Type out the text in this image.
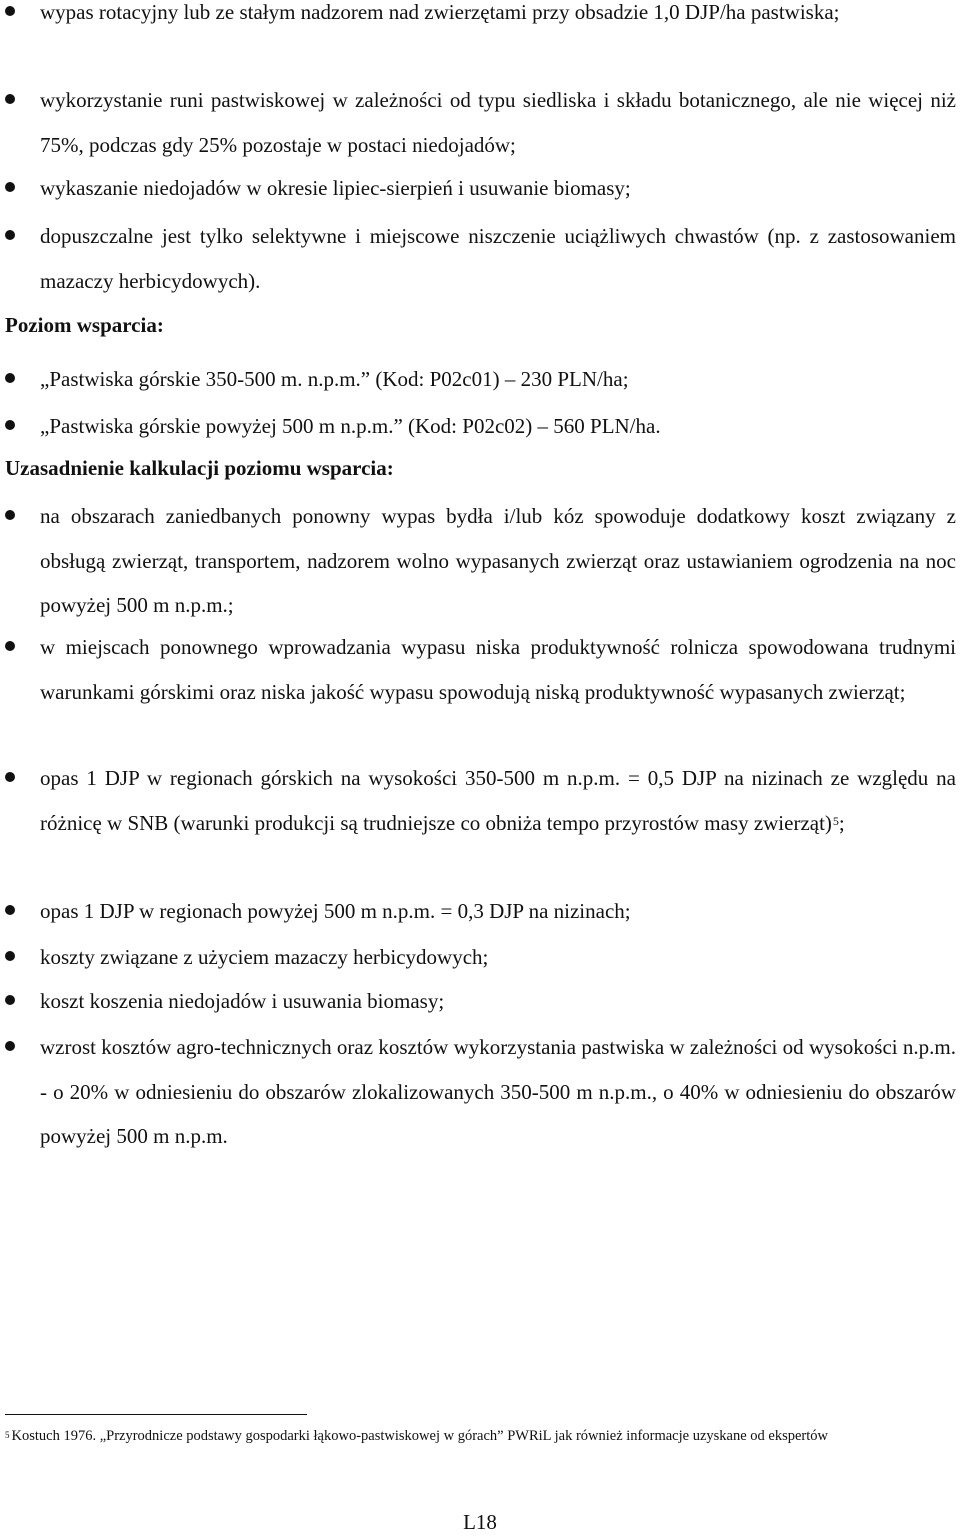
wypas rotacyjny lub ze stałym nadzorem nad zwierzętami przy obsadzie 1,0 DJP/ha pastwiska;
wykorzystanie runi pastwiskowej w zależności od typu siedliska i składu botanicznego, ale nie więcej niż 75%, podczas gdy 25% pozostaje w postaci niedojadów;
wykaszanie niedojadów w okresie lipiec-sierpień i usuwanie biomasy;
dopuszczalne jest tylko selektywne i miejscowe niszczenie uciążliwych chwastów (np. z zastosowaniem mazaczy herbicydowych).
Poziom wsparcia:
„Pastwiska górskie 350-500 m. n.p.m.” (Kod: P02c01) – 230 PLN/ha;
„Pastwiska górskie powyżej 500 m n.p.m.” (Kod: P02c02) – 560 PLN/ha.
Uzasadnienie kalkulacji poziomu wsparcia:
na obszarach zaniedbanych ponowny wypas bydła i/lub kóz spowoduje dodatkowy koszt związany z obsługą zwierząt, transportem, nadzorem wolno wypasanych zwierząt oraz ustawianiem ogrodzenia na noc powyżej 500 m n.p.m.;
w miejscach ponownego wprowadzania wypasu niska produktywność rolnicza spowodowana trudnymi warunkami górskimi oraz niska jakość wypasu spowodują niską produktywność wypasanych zwierząt;
opas 1 DJP w regionach górskich na wysokości 350-500 m n.p.m. = 0,5 DJP na nizinach ze względu na różnicę w SNB (warunki produkcji są trudniejsze co obniża tempo przyrostów masy zwierząt)$^5$;
opas 1 DJP w regionach powyżej 500 m n.p.m. = 0,3 DJP na nizinach;
koszty związane z użyciem mazaczy herbicydowych;
koszt koszenia niedojadów i usuwania biomasy;
wzrost kosztów agro-technicznych oraz kosztów wykorzystania pastwiska w zależności od wysokości n.p.m. - o 20% w odniesieniu do obszarów zlokalizowanych 350-500 m n.p.m., o 40% w odniesieniu do obszarów powyżej 500 m n.p.m.
$^5$ Kostuch 1976. „Przyrodnicze podstawy gospodarki łąkowo-pastwiskowej w górach” PWRiL jak również informacje uzyskane od ekspertów
L18
